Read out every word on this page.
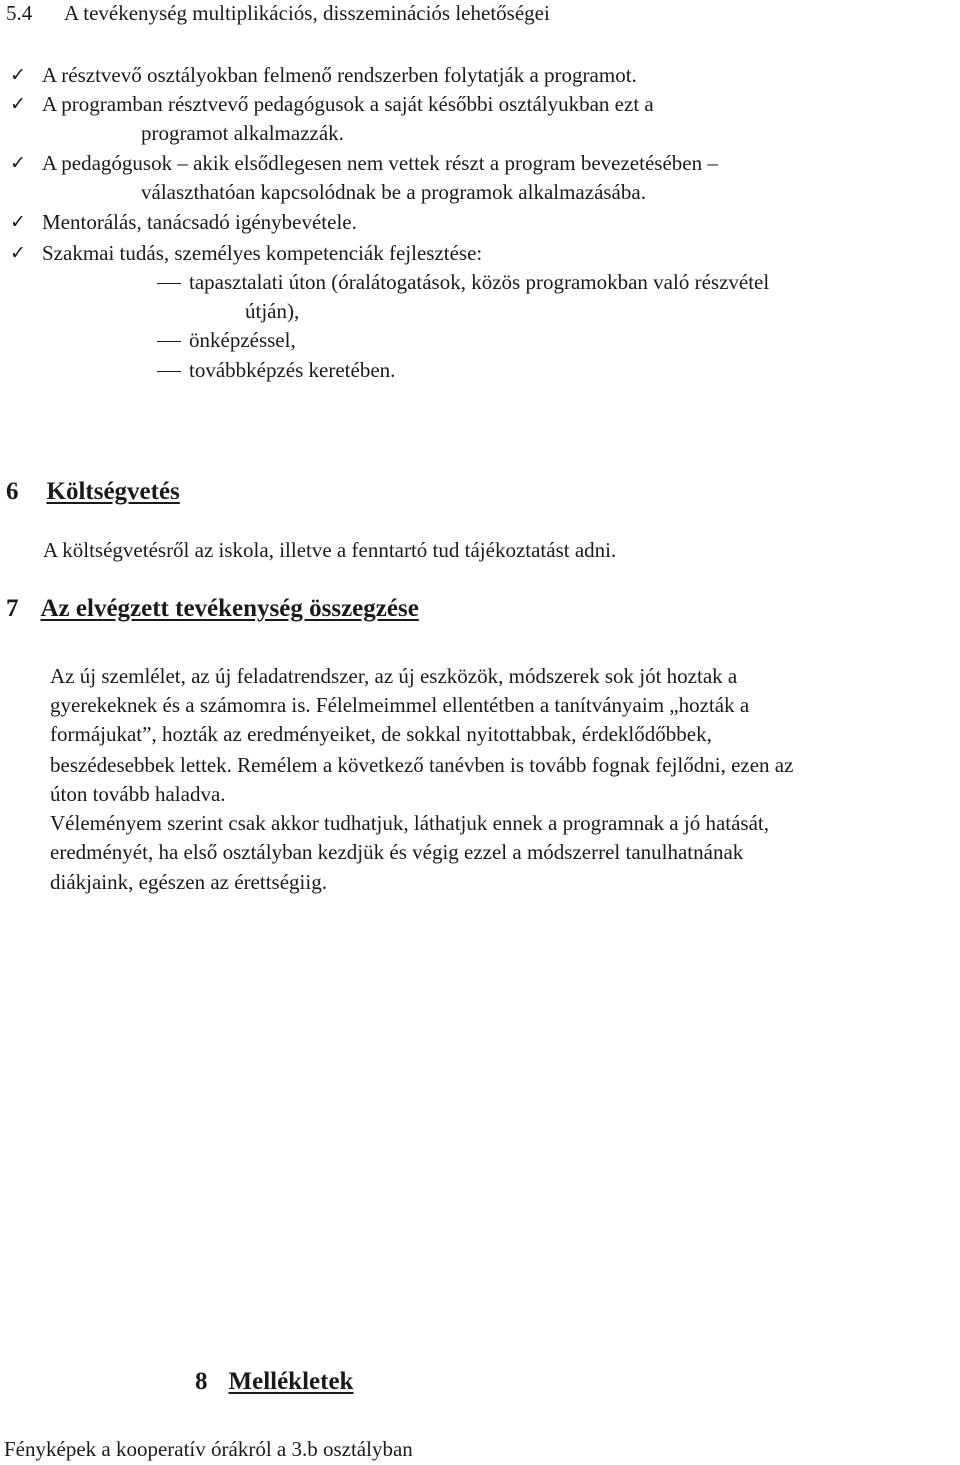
5.4 A tevékenység multiplikációs, disszeminációs lehetőségei
✓ A résztvevő osztályokban felmenő rendszerben folytatják a programot.
✓ A programban résztvevő pedagógusok a saját későbbi osztályukban ezt a
programot alkalmazzák.
✓ A pedagógusok – akik elsődlegesen nem vettek részt a program bevezetésében –
választhatóan kapcsolódnak be a programok alkalmazásába.
✓ Mentorálás, tanácsadó igénybevétele.
✓ Szakmai tudás, személyes kompetenciák fejlesztése:
tapasztalati úton (óralátogatások, közös programokban való részvétel
útján),
önképzéssel,
továbbképzés keretében.
6 Költségvetés
A költségvetésről az iskola, illetve a fenntartó tud tájékoztatást adni.
7 Az elvégzett tevékenység összegzése
Az új szemlélet, az új feladatrendszer, az új eszközök, módszerek sok jót hoztak a
gyerekeknek és a számomra is. Félelmeimmel ellentétben a tanítványaim „hozták a
formájukat”, hozták az eredményeiket, de sokkal nyitottabbak, érdeklődőbbek,
beszédesebbek lettek. Remélem a következő tanévben is tovább fognak fejlődni, ezen az
úton tovább haladva.
Véleményem szerint csak akkor tudhatjuk, láthatjuk ennek a programnak a jó hatását,
eredményét, ha első osztályban kezdjük és végig ezzel a módszerrel tanulhatnának
diákjaink, egészen az érettségiig.
8 Mellékletek
Fényképek a kooperatív órákról a 3.b osztályban
